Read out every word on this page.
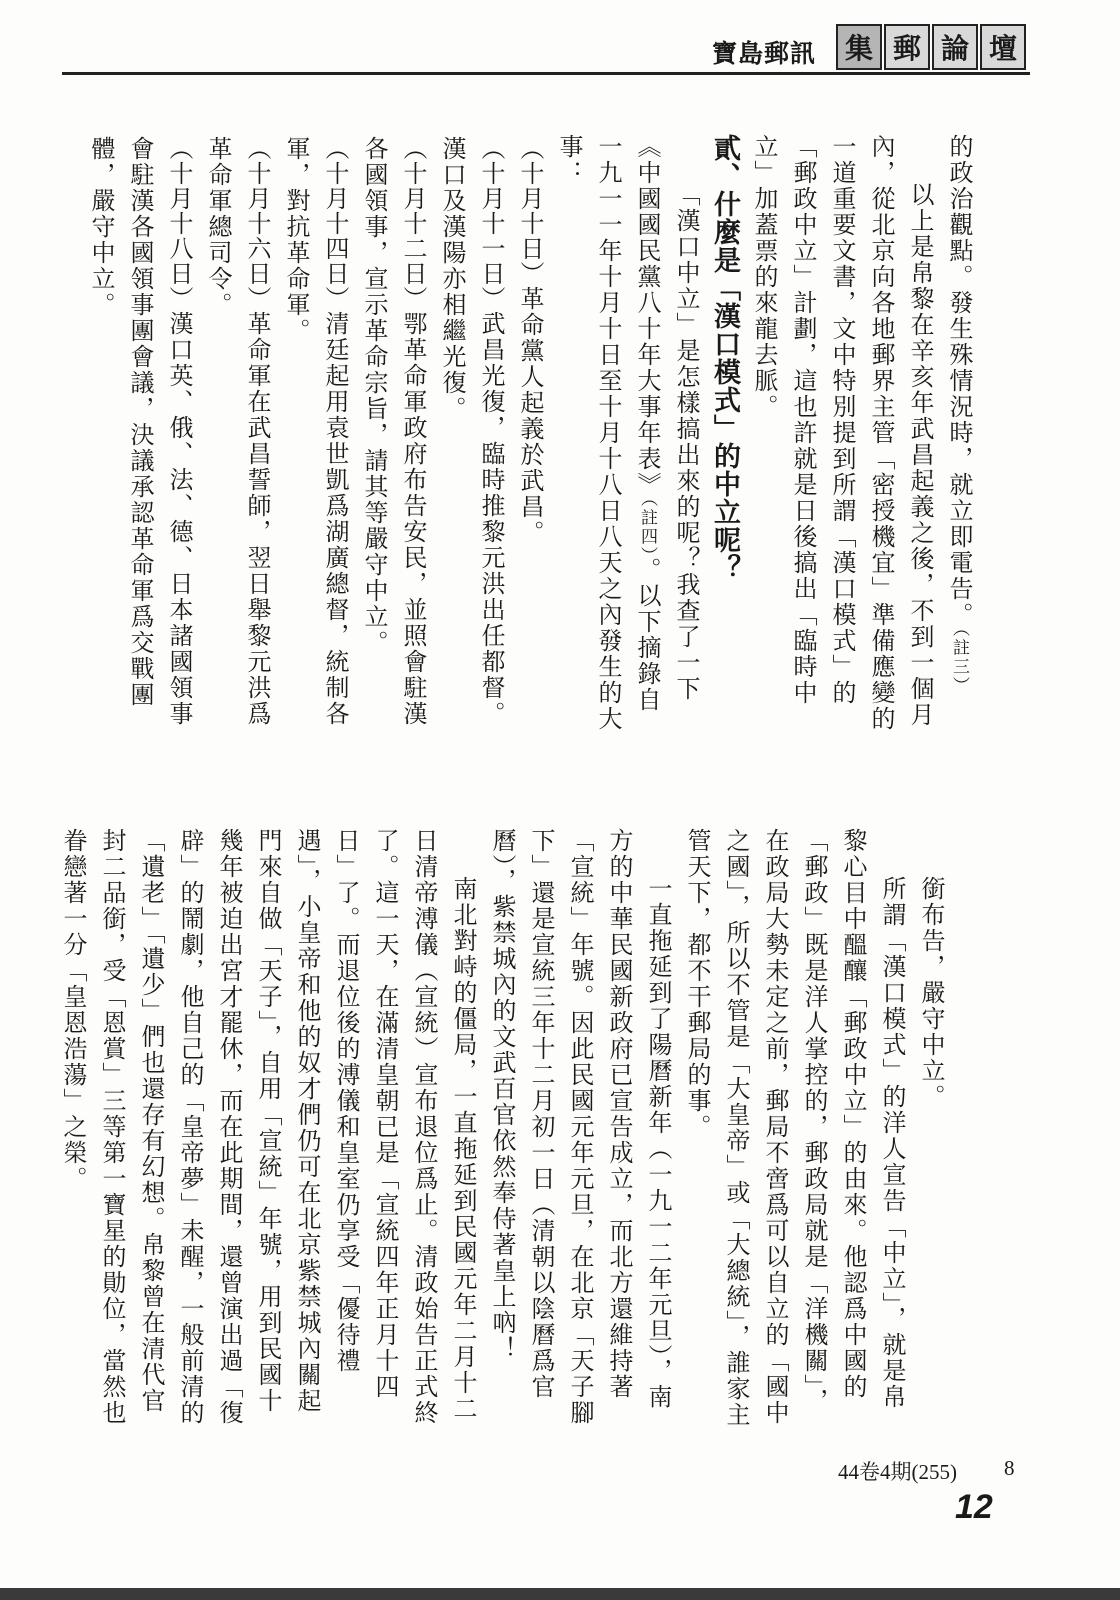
寶島郵訊	集 郵 論 壇

的政治觀點。發生殊情況時，就立即電告。（註三）

以上是帛黎在辛亥年武昌起義之後，不到一個月內，從北京向各地郵界主管「密授機宜」準備應變的一道重要文書，文中特別提到所謂「漢口模式」的「郵政中立」計劃，這也許就是日後搞出「臨時中立」加蓋票的來龍去脈。

貳、什麼是「漢口模式」的中立呢？

「漢口中立」是怎樣搞出來的呢？我查了一下《中國國民黨八十年大事年表》（註四）。以下摘錄自一九一一年十月十日至十月十八日八天之內發生的大事：

（十月十日）革命黨人起義於武昌。

（十月十一日）武昌光復，臨時推黎元洪出任都督。漢口及漢陽亦相繼光復。

（十月十二日）鄂革命軍政府布告安民，並照會駐漢各國領事，宣示革命宗旨，請其等嚴守中立。

（十月十四日）清廷起用袁世凱爲湖廣總督，統制各軍，對抗革命軍。

（十月十六日）革命軍在武昌誓師，翌日舉黎元洪爲革命軍總司令。

（十月十八日）漢口英、俄、法、德、日本諸國領事會駐漢各國領事團會議，決議承認革命軍爲交戰團體，嚴守中立。

銜布告，嚴守中立。

所謂「漢口模式」的洋人宣告「中立」，就是帛黎心目中醞釀「郵政中立」的由來。他認爲中國的「郵政」既是洋人掌控的，郵政局就是「洋機關」，在政局大勢未定之前，郵局不啻爲可以自立的「國中之國」，所以不管是「大皇帝」或「大總統」，誰家主管天下，都不干郵局的事。

一直拖延到了陽曆新年（一九一二年元旦），南方的中華民國新政府已宣告成立，而北方還維持著「宣統」年號。因此民國元年元旦，在北京「天子腳下」還是宣統三年十二月初一日（清朝以陰曆爲官曆），紫禁城內的文武百官依然奉侍著皇上吶！

南北對峙的僵局，一直拖延到民國元年二月十二日清帝溥儀（宣統）宣布退位爲止。清政始告正式終了。這一天，在滿清皇朝已是「宣統四年正月十四日」了。而退位後的溥儀和皇室仍享受「優待禮遇」，小皇帝和他的奴才們仍可在北京紫禁城內關起門來自做「天子」，自用「宣統」年號，用到民國十幾年被迫出宮才罷休，而在此期間，還曾演出過「復辟」的鬧劇，他自己的「皇帝夢」未醒，一般前清的「遺老」「遺少」們也還存有幻想。帛黎曾在清代官封二品銜，受「恩賞」三等第一寶星的勛位，當然也眷戀著一分「皇恩浩蕩」之榮。

44卷4期(255) 8
12
